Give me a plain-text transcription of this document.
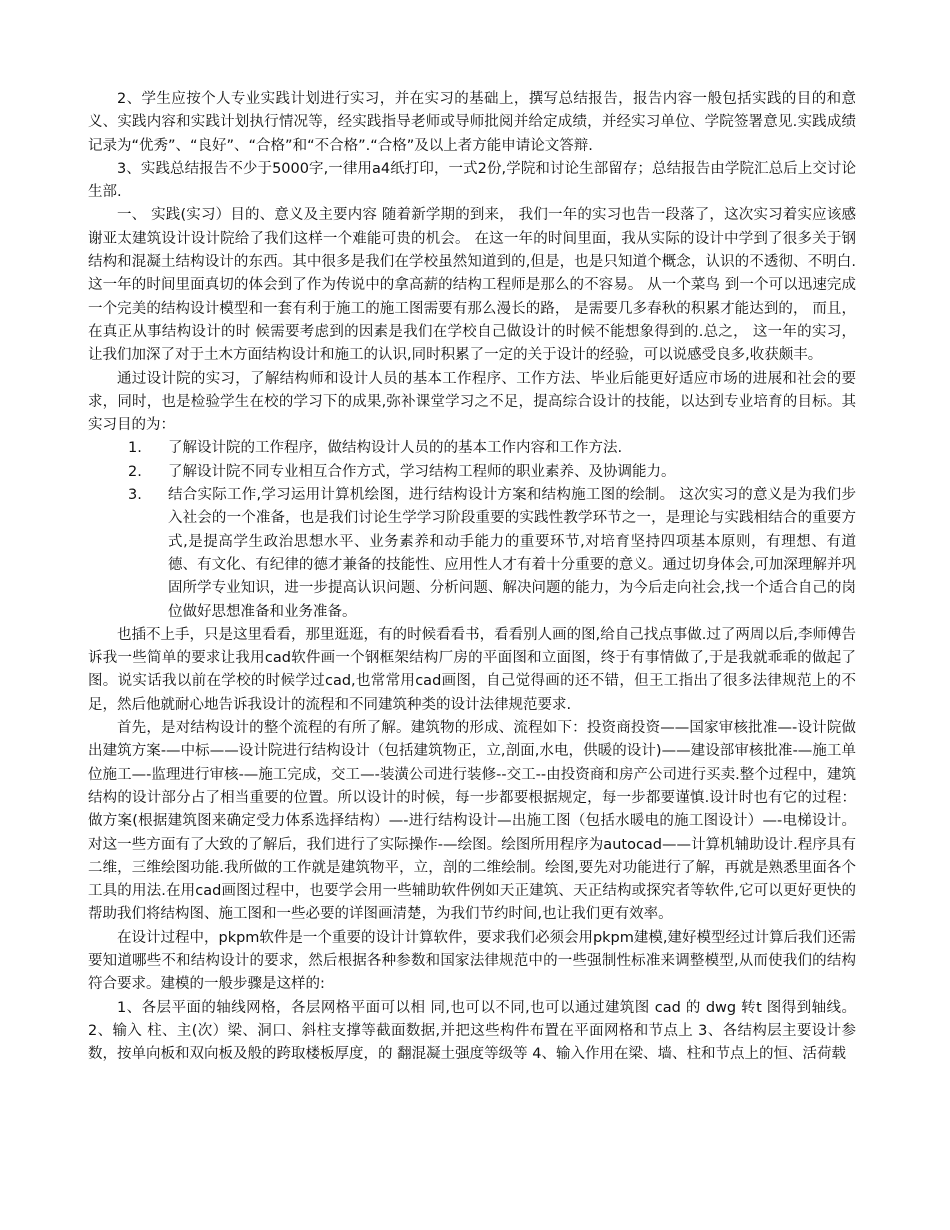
2、学生应按个人专业实践计划进行实习，并在实习的基础上，撰写总结报告，报告内容一般包括实践的目的和意义、实践内容和实践计划执行情况等，经实践指导老师或导师批阅并给定成绩，并经实习单位、学院签署意见.实践成绩记录为“优秀”、“良好”、“合格”和“不合格”.“合格”及以上者方能申请论文答辩.

3、实践总结报告不少于5000字,一律用a4纸打印，一式2份,学院和讨论生部留存；总结报告由学院汇总后上交讨论生部.

一、 实践(实习）目的、意义及主要内容 随着新学期的到来， 我们一年的实习也告一段落了，这次实习着实应该感谢亚太建筑设计设计院给了我们这样一个难能可贵的机会。 在这一年的时间里面，我从实际的设计中学到了很多关于钢结构和混凝土结构设计的东西。其中很多是我们在学校虽然知道到的,但是，也是只知道个概念，认识的不透彻、不明白.这一年的时间里面真切的体会到了作为传说中的拿高薪的结构工程师是那么的不容易。 从一个菜鸟 到一个可以迅速完成一个完美的结构设计模型和一套有利于施工的施工图需要有那么漫长的路， 是需要几多春秋的积累才能达到的， 而且，在真正从事结构设计的时 候需要考虑到的因素是我们在学校自己做设计的时候不能想象得到的.总之， 这一年的实习， 让我们加深了对于土木方面结构设计和施工的认识,同时积累了一定的关于设计的经验，可以说感受良多,收获颇丰。

通过设计院的实习，了解结构师和设计人员的基本工作程序、工作方法、毕业后能更好适应市场的进展和社会的要求，同时，也是检验学生在校的学习下的成果,弥补课堂学习之不足，提高综合设计的技能，以达到专业培育的目标。其实习目的为：

1. 了解设计院的工作程序，做结构设计人员的的基本工作内容和工作方法.
2. 了解设计院不同专业相互合作方式，学习结构工程师的职业素养、及协调能力。
3. 结合实际工作,学习运用计算机绘图，进行结构设计方案和结构施工图的绘制。 这次实习的意义是为我们步入社会的一个准备，也是我们讨论生学学习阶段重要的实践性教学环节之一，是理论与实践相结合的重要方式,是提高学生政治思想水平、业务素养和动手能力的重要环节,对培育坚持四项基本原则，有理想、有道德、有文化、有纪律的德才兼备的技能性、应用性人才有着十分重要的意义。通过切身体会,可加深理解并巩固所学专业知识，进一步提高认识问题、分析问题、解决问题的能力，为今后走向社会,找一个适合自己的岗位做好思想准备和业务准备。

也插不上手，只是这里看看，那里逛逛，有的时候看看书，看看别人画的图,给自己找点事做.过了两周以后,李师傅告诉我一些简单的要求让我用cad软件画一个钢框架结构厂房的平面图和立面图，终于有事情做了,于是我就乖乖的做起了图。说实话我以前在学校的时候学过cad,也常常用cad画图，自己觉得画的还不错，但王工指出了很多法律规范上的不足，然后他就耐心地告诉我设计的流程和不同建筑种类的设计法律规范要求.

首先，是对结构设计的整个流程的有所了解。建筑物的形成、流程如下：投资商投资——国家审核批准—-设计院做出建筑方案-—中标——设计院进行结构设计（包括建筑物正，立,剖面,水电，供暖的设计)——建设部审核批准-—施工单位施工—-监理进行审核-—施工完成，交工—-装潢公司进行装修--交工--由投资商和房产公司进行买卖.整个过程中，建筑结构的设计部分占了相当重要的位置。所以设计的时候，每一步都要根据规定，每一步都要谨慎.设计时也有它的过程：做方案(根据建筑图来确定受力体系选择结构）—-进行结构设计—出施工图（包括水暖电的施工图设计）—-电梯设计。对这一些方面有了大致的了解后，我们进行了实际操作-—绘图。绘图所用程序为autocad——计算机辅助设计.程序具有二维，三维绘图功能.我所做的工作就是建筑物平，立，剖的二维绘制。绘图,要先对功能进行了解，再就是熟悉里面各个工具的用法.在用cad画图过程中，也要学会用一些辅助软件例如天正建筑、天正结构或探究者等软件,它可以更好更快的帮助我们将结构图、施工图和一些必要的详图画清楚，为我们节约时间,也让我们更有效率。

在设计过程中，pkpm软件是一个重要的设计计算软件，要求我们必须会用pkpm建模,建好模型经过计算后我们还需要知道哪些不和结构设计的要求，然后根据各种参数和国家法律规范中的一些强制性标准来调整模型,从而使我们的结构符合要求。建模的一般步骤是这样的:

1、各层平面的轴线网格，各层网格平面可以相 同,也可以不同,也可以通过建筑图 cad 的 dwg 转t 图得到轴线。 2、输入 柱、主(次）梁、洞口、斜柱支撑等截面数据,并把这些构件布置在平面网格和节点上 3、各结构层主要设计参数，按单向板和双向板及般的跨取楼板厚度，的 翻混凝土强度等级等 4、输入作用在梁、墙、柱和节点上的恒、活荷载
